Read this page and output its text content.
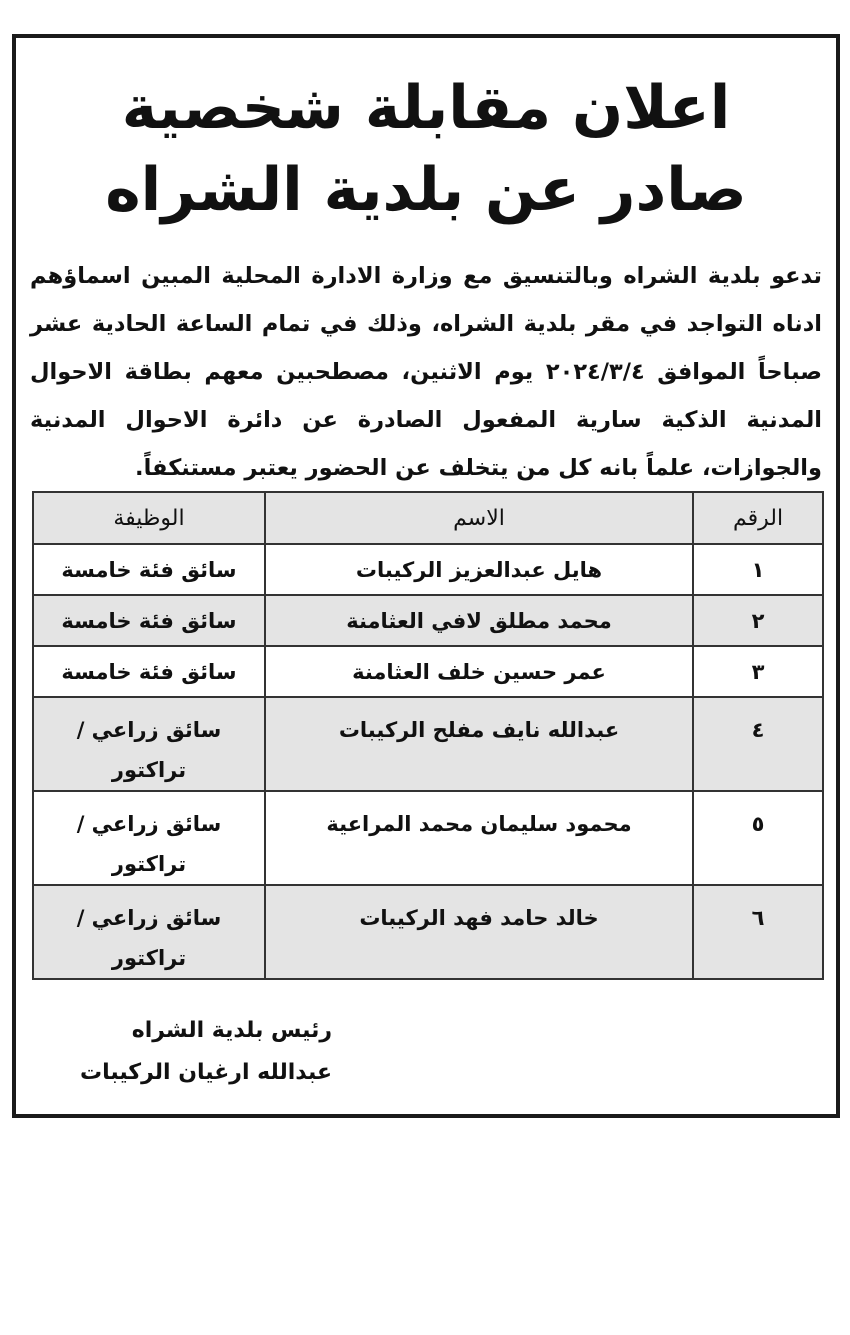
اعلان مقابلة شخصية
صادر عن بلدية الشراه
تدعو بلدية الشراه وبالتنسيق مع وزارة الادارة المحلية المبين اسماؤهم ادناه التواجد في مقر بلدية الشراه، وذلك في تمام الساعة الحادية عشر صباحاً الموافق ٢٠٢٤/٣/٤ يوم الاثنين، مصطحبين معهم بطاقة الاحوال المدنية الذكية سارية المفعول الصادرة عن دائرة الاحوال المدنية والجوازات، علماً بانه كل من يتخلف عن الحضور يعتبر مستنكفاً.
الرقم	الاسم	الوظيفة
١	هايل عبدالعزيز الركيبات	سائق فئة خامسة
٢	محمد مطلق لافي العثامنة	سائق فئة خامسة
٣	عمر حسين خلف العثامنة	سائق فئة خامسة
٤	عبدالله نايف مفلح الركيبات	سائق زراعي / تراكتور
٥	محمود سليمان محمد المراعية	سائق زراعي / تراكتور
٦	خالد حامد فهد الركيبات	سائق زراعي / تراكتور
رئيس بلدية الشراه
عبدالله ارغيان الركيبات
